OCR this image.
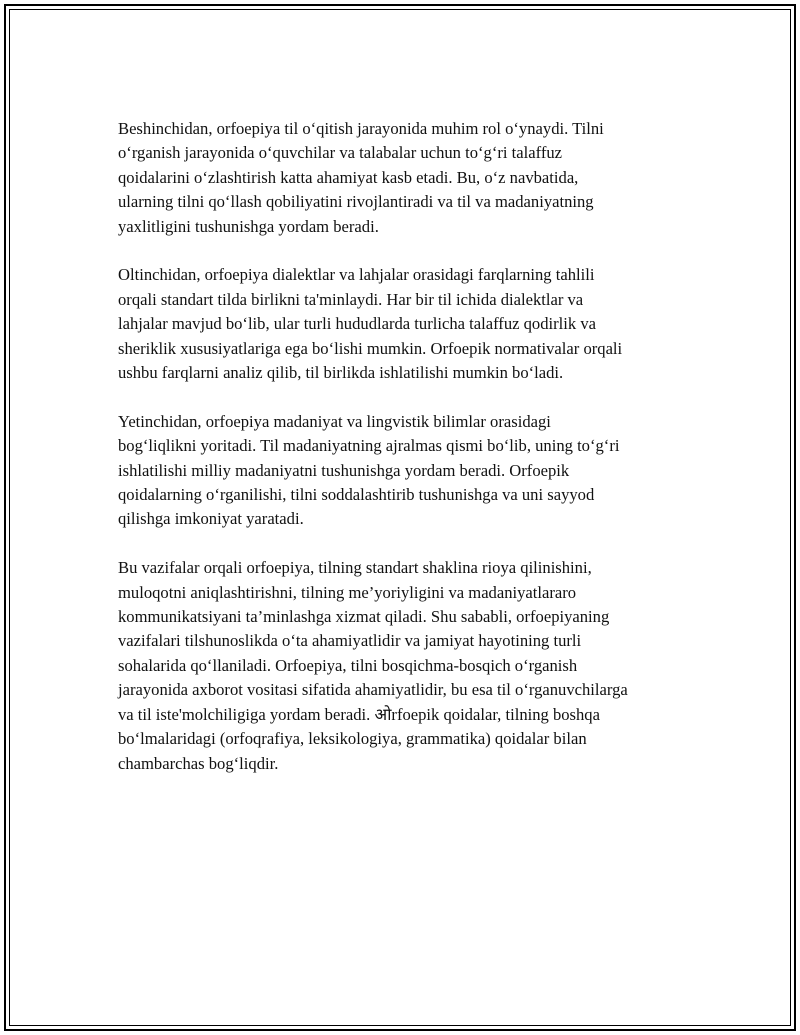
Beshinchidan, orfoepiya til o‘qitish jarayonida muhim rol o‘ynaydi. Tilni
o‘rganish jarayonida o‘quvchilar va talabalar uchun to‘g‘ri talaffuz
qoidalarini o‘zlashtirish katta ahamiyat kasb etadi. Bu, o‘z navbatida,
ularning tilni qo‘llash qobiliyatini rivojlantiradi va til va madaniyatning
yaxlitligini tushunishga yordam beradi.

Oltinchidan, orfoepiya dialektlar va lahjalar orasidagi farqlarning tahlili
orqali standart tilda birlikni ta'minlaydi. Har bir til ichida dialektlar va
lahjalar mavjud bo‘lib, ular turli hududlarda turlicha talaffuz qodirlik va
sheriklik xususiyatlariga ega bo‘lishi mumkin. Orfoepik normativalar orqali
ushbu farqlarni analiz qilib, til birlikda ishlatilishi mumkin bo‘ladi.

Yetinchidan, orfoepiya madaniyat va lingvistik bilimlar orasidagi
bog‘liqlikni yoritadi. Til madaniyatning ajralmas qismi bo‘lib, uning to‘g‘ri
ishlatilishi milliy madaniyatni tushunishga yordam beradi. Orfoepik
qoidalarning o‘rganilishi, tilni soddalashtirib tushunishga va uni sayyod
qilishga imkoniyat yaratadi.

Bu vazifalar orqali orfoepiya, tilning standart shaklina rioya qilinishini,
muloqotni aniqlashtirishni, tilning me’yoriyligini va madaniyatlararo
kommunikatsiyani ta’minlashga xizmat qiladi. Shu sababli, orfoepiyaning
vazifalari tilshunoslikda o‘ta ahamiyatlidir va jamiyat hayotining turli
sohalarida qo‘llaniladi. Orfoepiya, tilni bosqichma-bosqich o‘rganish
jarayonida axborot vositasi sifatida ahamiyatlidir, bu esa til o‘rganuvchilarga
va til iste'molchiligiga yordam beradi. ओrfoepik qoidalar, tilning boshqa
bo‘lmalaridagi (orfoqrafiya, leksikologiya, grammatika) qoidalar bilan
chambarchas bog‘liqdir.
